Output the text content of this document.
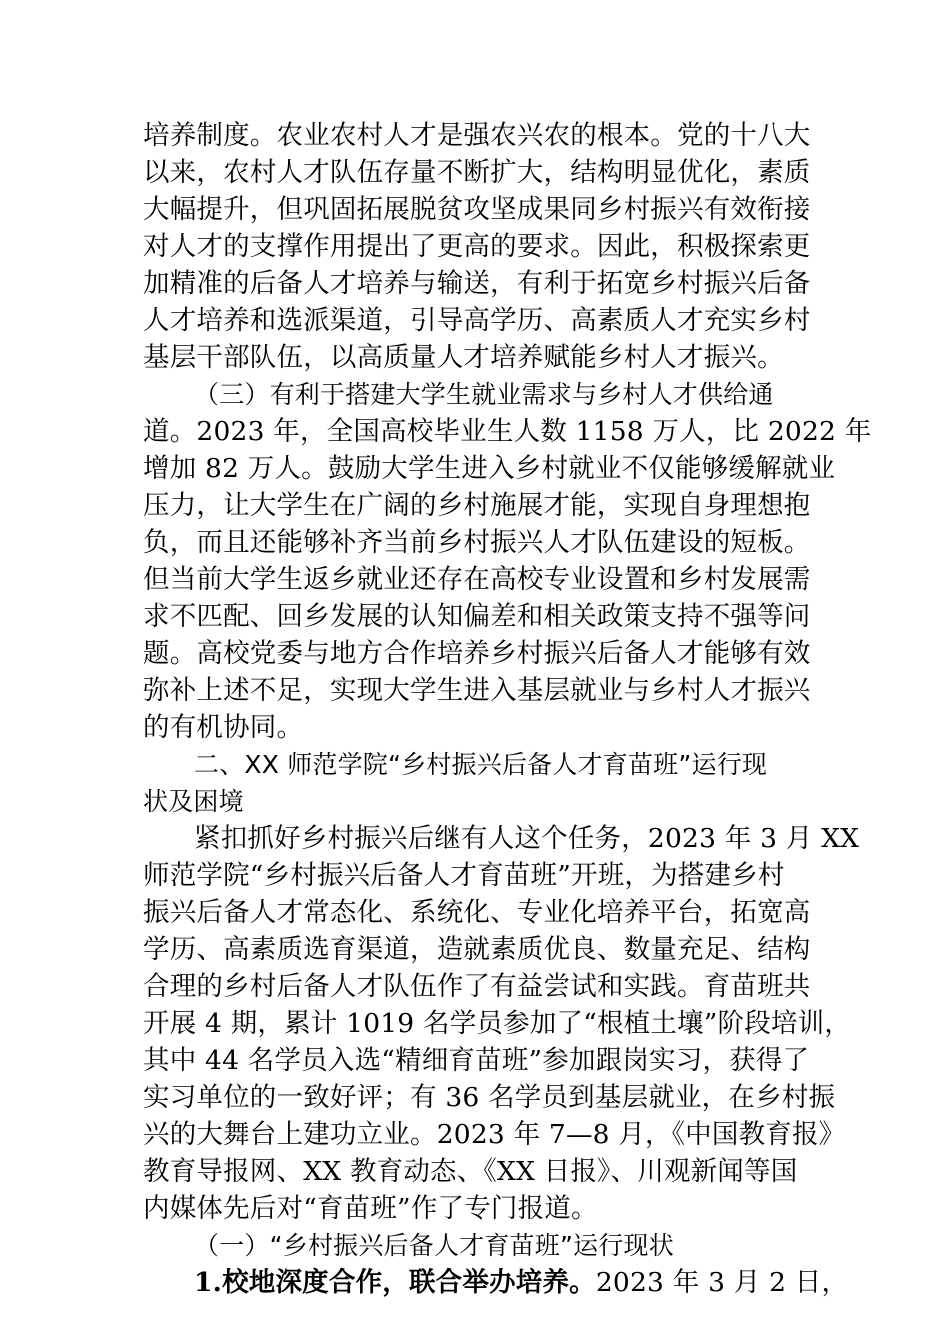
培养制度。农业农村人才是强农兴农的根本。党的十八大
以来，农村人才队伍存量不断扩大，结构明显优化，素质
大幅提升，但巩固拓展脱贫攻坚成果同乡村振兴有效衔接
对人才的支撑作用提出了更高的要求。因此，积极探索更
加精准的后备人才培养与输送，有利于拓宽乡村振兴后备
人才培养和选派渠道，引导高学历、高素质人才充实乡村
基层干部队伍，以高质量人才培养赋能乡村人才振兴。
（三）有利于搭建大学生就业需求与乡村人才供给通
道。2023 年，全国高校毕业生人数 1158 万人，比 2022 年
增加 82 万人。鼓励大学生进入乡村就业不仅能够缓解就业
压力，让大学生在广阔的乡村施展才能，实现自身理想抱
负，而且还能够补齐当前乡村振兴人才队伍建设的短板。
但当前大学生返乡就业还存在高校专业设置和乡村发展需
求不匹配、回乡发展的认知偏差和相关政策支持不强等问
题。高校党委与地方合作培养乡村振兴后备人才能够有效
弥补上述不足，实现大学生进入基层就业与乡村人才振兴
的有机协同。
二、XX 师范学院“乡村振兴后备人才育苗班”运行现
状及困境
紧扣抓好乡村振兴后继有人这个任务，2023 年 3 月 XX
师范学院“乡村振兴后备人才育苗班”开班，为搭建乡村
振兴后备人才常态化、系统化、专业化培养平台，拓宽高
学历、高素质选育渠道，造就素质优良、数量充足、结构
合理的乡村后备人才队伍作了有益尝试和实践。育苗班共
开展 4 期，累计 1019 名学员参加了“根植土壤”阶段培训，
其中 44 名学员入选“精细育苗班”参加跟岗实习，获得了
实习单位的一致好评；有 36 名学员到基层就业，在乡村振
兴的大舞台上建功立业。2023 年 7—8 月，《中国教育报》
教育导报网、XX 教育动态、《XX 日报》、川观新闻等国
内媒体先后对“育苗班”作了专门报道。
（一）“乡村振兴后备人才育苗班”运行现状
1.校地深度合作，联合举办培养。2023 年 3 月 2 日，
